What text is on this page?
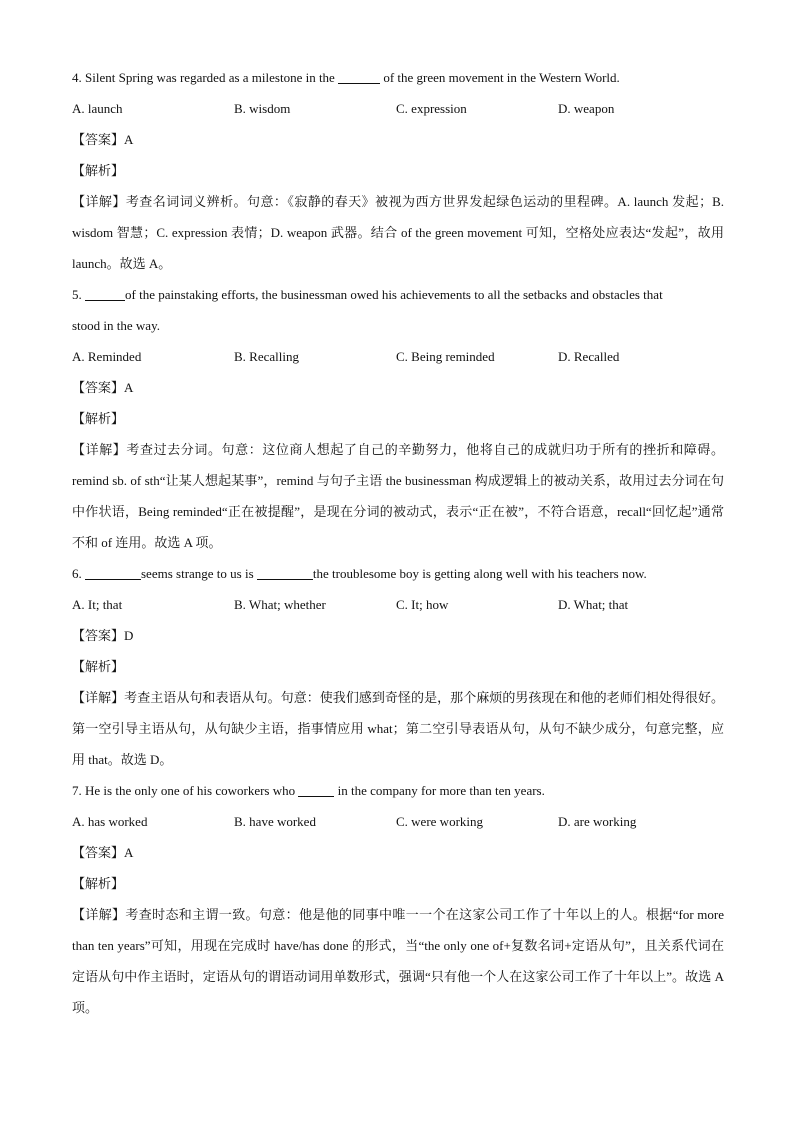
4. Silent Spring was regarded as a milestone in the	of the green movement in the Western World.
A. launch	B. wisdom	C. expression	D. weapon
【答案】A
【解析】
【详解】考查名词词义辨析。句意：《寂静的春天》被视为西方世界发起绿色运动的里程碑。A. launch 发起；B. wisdom 智慧；C. expression 表情；D. weapon 武器。结合 of the green movement 可知，空格处应表达“发起”，故用 launch。故选 A。
5.	of the painstaking efforts, the businessman owed his achievements to all the setbacks and obstacles that
stood in the way.
A. Reminded	B. Recalling	C. Being reminded	D. Recalled
【答案】A
【解析】
【详解】考查过去分词。句意：这位商人想起了自己的辛勤努力，他将自己的成就归功于所有的挫折和障碍。remind sb. of sth“让某人想起某事”，remind 与句子主语 the businessman 构成逻辑上的被动关系，故用过去分词在句中作状语，Being reminded“正在被提醒”，是现在分词的被动式，表示“正在被”，不符合语意，recall“回忆起”通常不和 of 连用。故选 A 项。
6.	seems strange to us is	the troublesome boy is getting along well with his teachers now.
A. It; that	B. What; whether	C. It; how	D. What; that
【答案】D
【解析】
【详解】考查主语从句和表语从句。句意：使我们感到奇怪的是，那个麻烦的男孩现在和他的老师们相处得很好。第一空引导主语从句，从句缺少主语，指事情应用 what；第二空引导表语从句，从句不缺少成分，句意完整，应用 that。故选 D。
7. He is the only one of his coworkers who	in the company for more than ten years.
A. has worked	B. have worked	C. were working	D. are working
【答案】A
【解析】
【详解】考查时态和主谓一致。句意：他是他的同事中唯一一个在这家公司工作了十年以上的人。根据“for more than ten years”可知，用现在完成时 have/has done 的形式，当“the only one of+复数名词+定语从句”，且关系代词在定语从句中作主语时，定语从句的谓语动词用单数形式，强调“只有他一个人在这家公司工作了十年以上”。故选 A 项。
